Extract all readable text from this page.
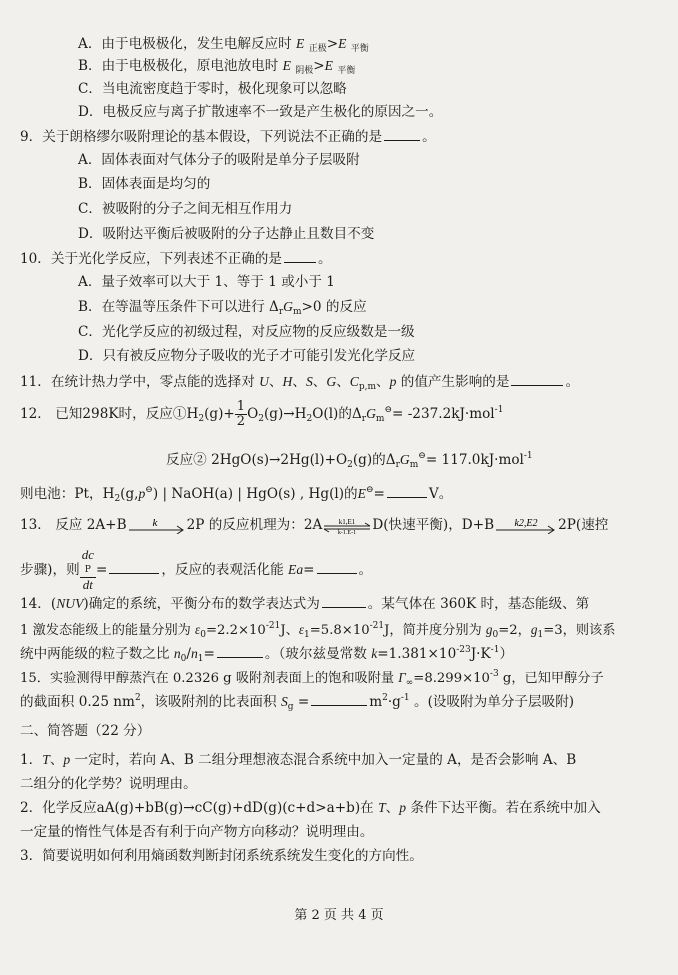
A．由于电极极化，发生电解反应时 E $_{正极}$>E $_{平衡}$
B．由于电极极化，原电池放电时 E $_{阴极}$>E $_{平衡}$
C．当电流密度趋于零时，极化现象可以忽略
D．电极反应与离子扩散速率不一致是产生极化的原因之一。
9．关于朗格缪尔吸附理论的基本假设，下列说法不正确的是	。
A．固体表面对气体分子的吸附是单分子层吸附
B．固体表面是均匀的
C．被吸附的分子之间无相互作用力
D．吸附达平衡后被吸附的分子达静止且数目不变
10．关于光化学反应，下列表述不正确的是	。
A．量子效率可以大于 1、等于 1 或小于 1
B．在等温等压条件下可以进行 $\Delta_rG_m>0$ 的反应
C．光化学反应的初级过程，对反应物的反应级数是一级
D．只有被反应物分子吸收的光子才可能引发光化学反应
11．在统计热力学中，零点能的选择对 U、H、S、G、$C_{p,m}$、p 的值产生影响的是	。
12． 已知298K时，反应$①H_2(g)+ \frac{1}{2} O_2(g)\to H_2O(l)$的$\Delta_rG_m^⊖= -237.2kJ\cdot mol^{-1}$
反应② $2HgO(s)\to 2Hg(l)+O_2(g)$的$\Delta_rG_m^⊖= 117.0kJ\cdot mol^{-1}$
则电池：Pt，$H_2(g,p^⊖)$ | NaOH(a) | HgO(s) , Hg(l)的E⊖=	V。
13． 反应 2A+B k 2P 的反应机理为：2A k1,E1
k-1,E-1 D(快速平衡)，D+B k2,E2 2P(速控
步骤)，则 dc
P
dt =	，反应的表观活化能 Ea=	。
14．(NUV)确定的系统，平衡分布的数学表达式为	。某气体在 360K 时，基态能级、第
1 激发态能级上的能量分别为 $\varepsilon_0=2.2\times 10^{-21}J$、$\varepsilon_1=5.8\times 10^{-21}J$，简并度分别为 $g_0=2$，$g_1=3$，则该系
统中两能级的粒子数之比 $n_0/n_1=$	。（玻尔兹曼常数 $k=1.381\times 10^{-23}J\cdot K^{-1}$）
15．实验测得甲醇蒸汽在 0.2326 g 吸附剂表面上的饱和吸附量 $\Gamma_\infty=8.299\times 10^{-3}$ g，已知甲醇分子
的截面积 0.25 $nm^2$，该吸附剂的比表面积 $S_g$ =	$m^2\cdot g^{-1}$ 。(设吸附为单分子层吸附)
二、简答题（22 分）
1．T、p 一定时，若向 A、B 二组分理想液态混合系统中加入一定量的 A，是否会影响 A、B
二组分的化学势？说明理由。
2．化学反应aA(g)+bB(g)→cC(g)+dD(g)(c+d>a+b)在 T、p 条件下达平衡。若在系统中加入
一定量的惰性气体是否有利于向产物方向移动？说明理由。
3．简要说明如何利用熵函数判断封闭系统系统发生变化的方向性。
第 2 页 共 4 页
